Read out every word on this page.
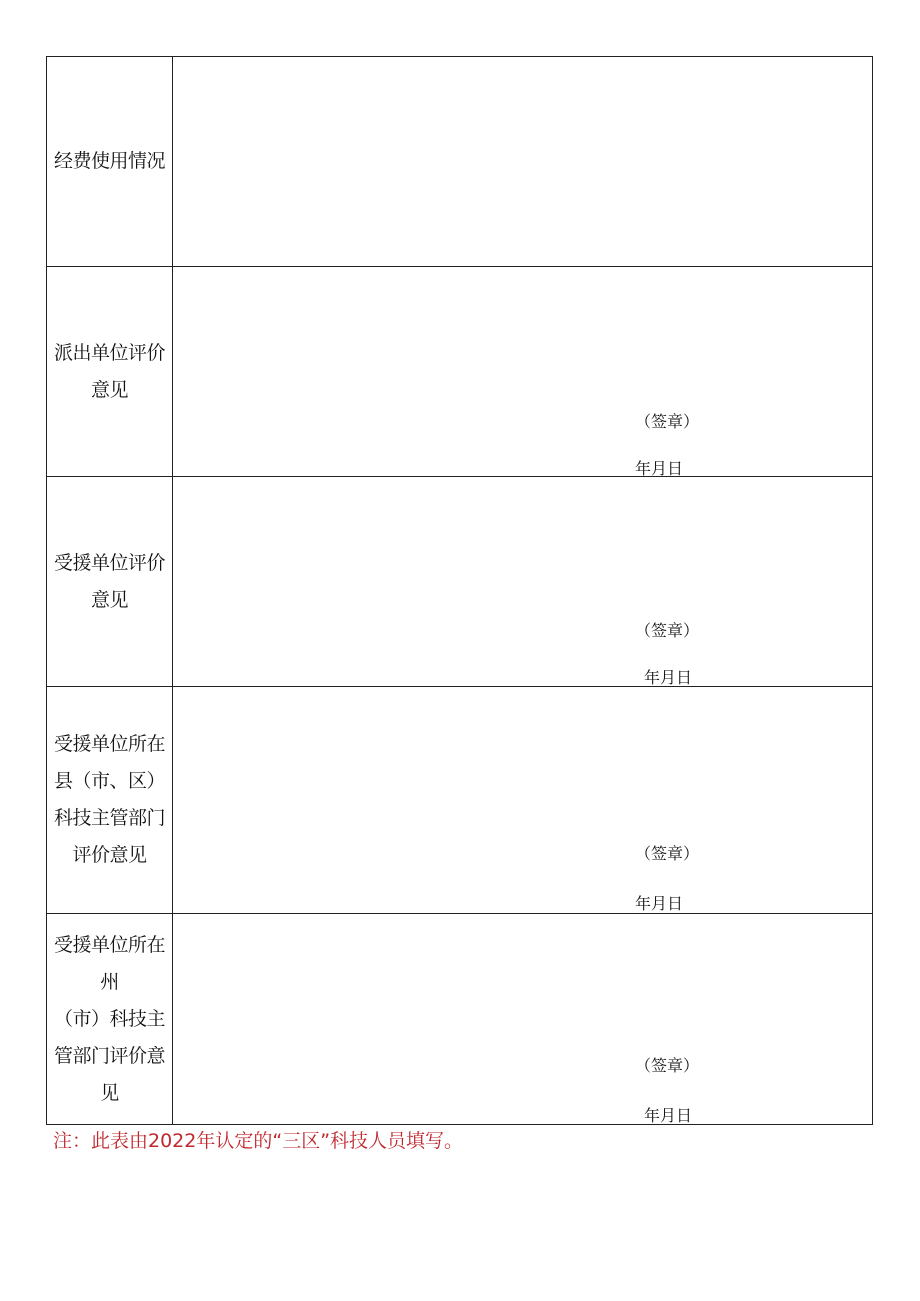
经费使用情况	

派出单位评价
意见	（签章）
年月日

受援单位评价
意见	（签章）
年月日

受援单位所在
县（市、区）
科技主管部门
评价意见	（签章）
年月日

受援单位所在
州
（市）科技主
管部门评价意
见	（签章）
年月日
注：此表由2022年认定的“三区”科技人员填写。
